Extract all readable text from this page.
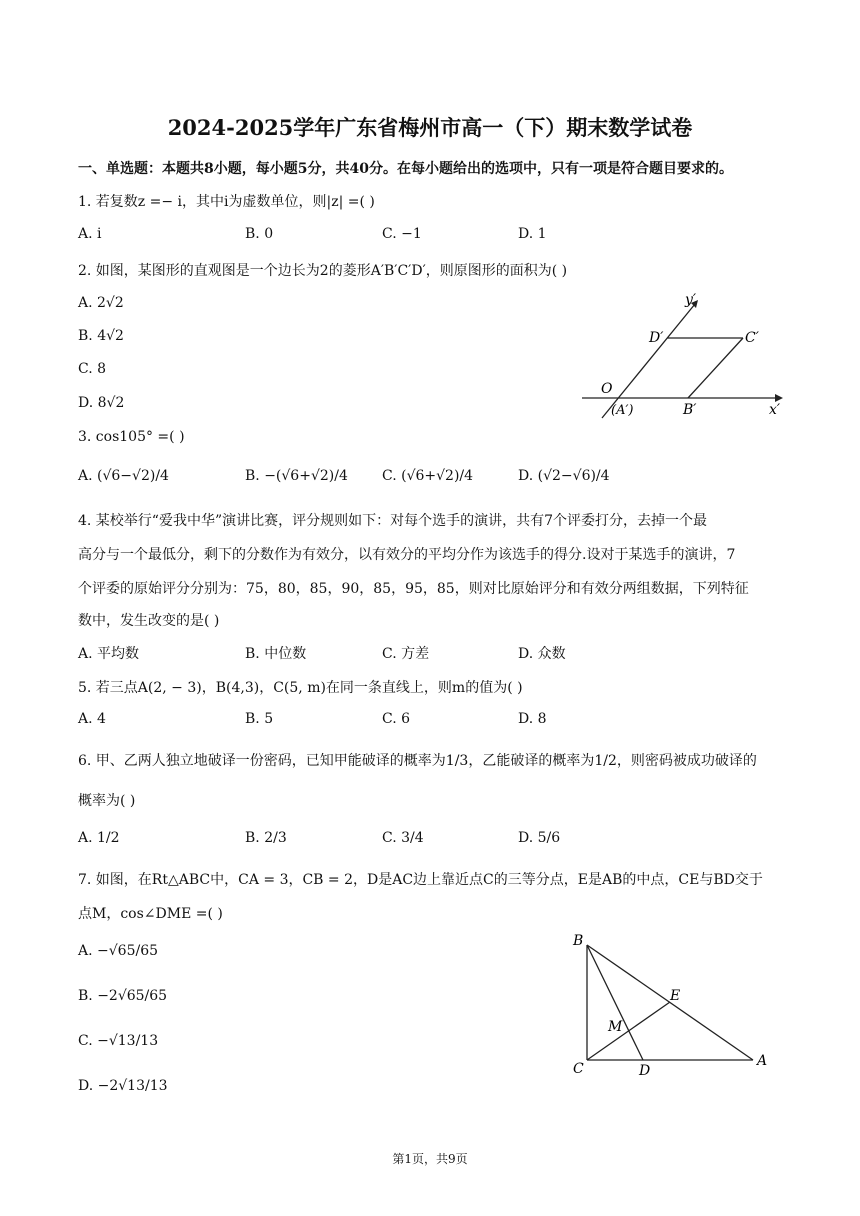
2024-2025学年广东省梅州市高一（下）期末数学试卷
一、单选题：本题共8小题，每小题5分，共40分。在每小题给出的选项中，只有一项是符合题目要求的。
1. 若复数z =− i，其中i为虚数单位，则|z| =( )
A. i	B. 0	C. −1	D. 1
2. 如图，某图形的直观图是一个边长为2的菱形A′B′C′D′，则原图形的面积为( )
A. 2√2
B. 4√2
C. 8
D. 8√2
y′
D′	C′
O
(A′)	B′	x′
3. cos105° =( )
A. (√6−√2)/4	B. −(√6+√2)/4 C. (√6+√2)/4	D. (√2−√6)/4
4. 某校举行“爱我中华”演讲比赛，评分规则如下：对每个选手的演讲，共有7个评委打分，去掉一个最
高分与一个最低分，剩下的分数作为有效分，以有效分的平均分作为该选手的得分.设对于某选手的演讲，7
个评委的原始评分分别为：75，80，85，90，85，95，85，则对比原始评分和有效分两组数据，下列特征
数中，发生改变的是( )
A. 平均数	B. 中位数	C. 方差	D. 众数
5. 若三点A(2, − 3)，B(4,3)，C(5, m)在同一条直线上，则m的值为( )
A. 4	B. 5	C. 6	D. 8
6. 甲、乙两人独立地破译一份密码，已知甲能破译的概率为1/3，乙能破译的概率为1/2，则密码被成功破译的
概率为( )
A. 1/2	B. 2/3	C. 3/4	D. 5/6
7. 如图，在Rt△ABC中，CA = 3，CB = 2，D是AC边上靠近点C的三等分点，E是AB的中点，CE与BD交于
点M，cos∠DME =( )
A. −√65/65
B. −2√65/65
C. −√13/13
D. −2√13/13
B
E
M
C	D
A
第1页，共9页
